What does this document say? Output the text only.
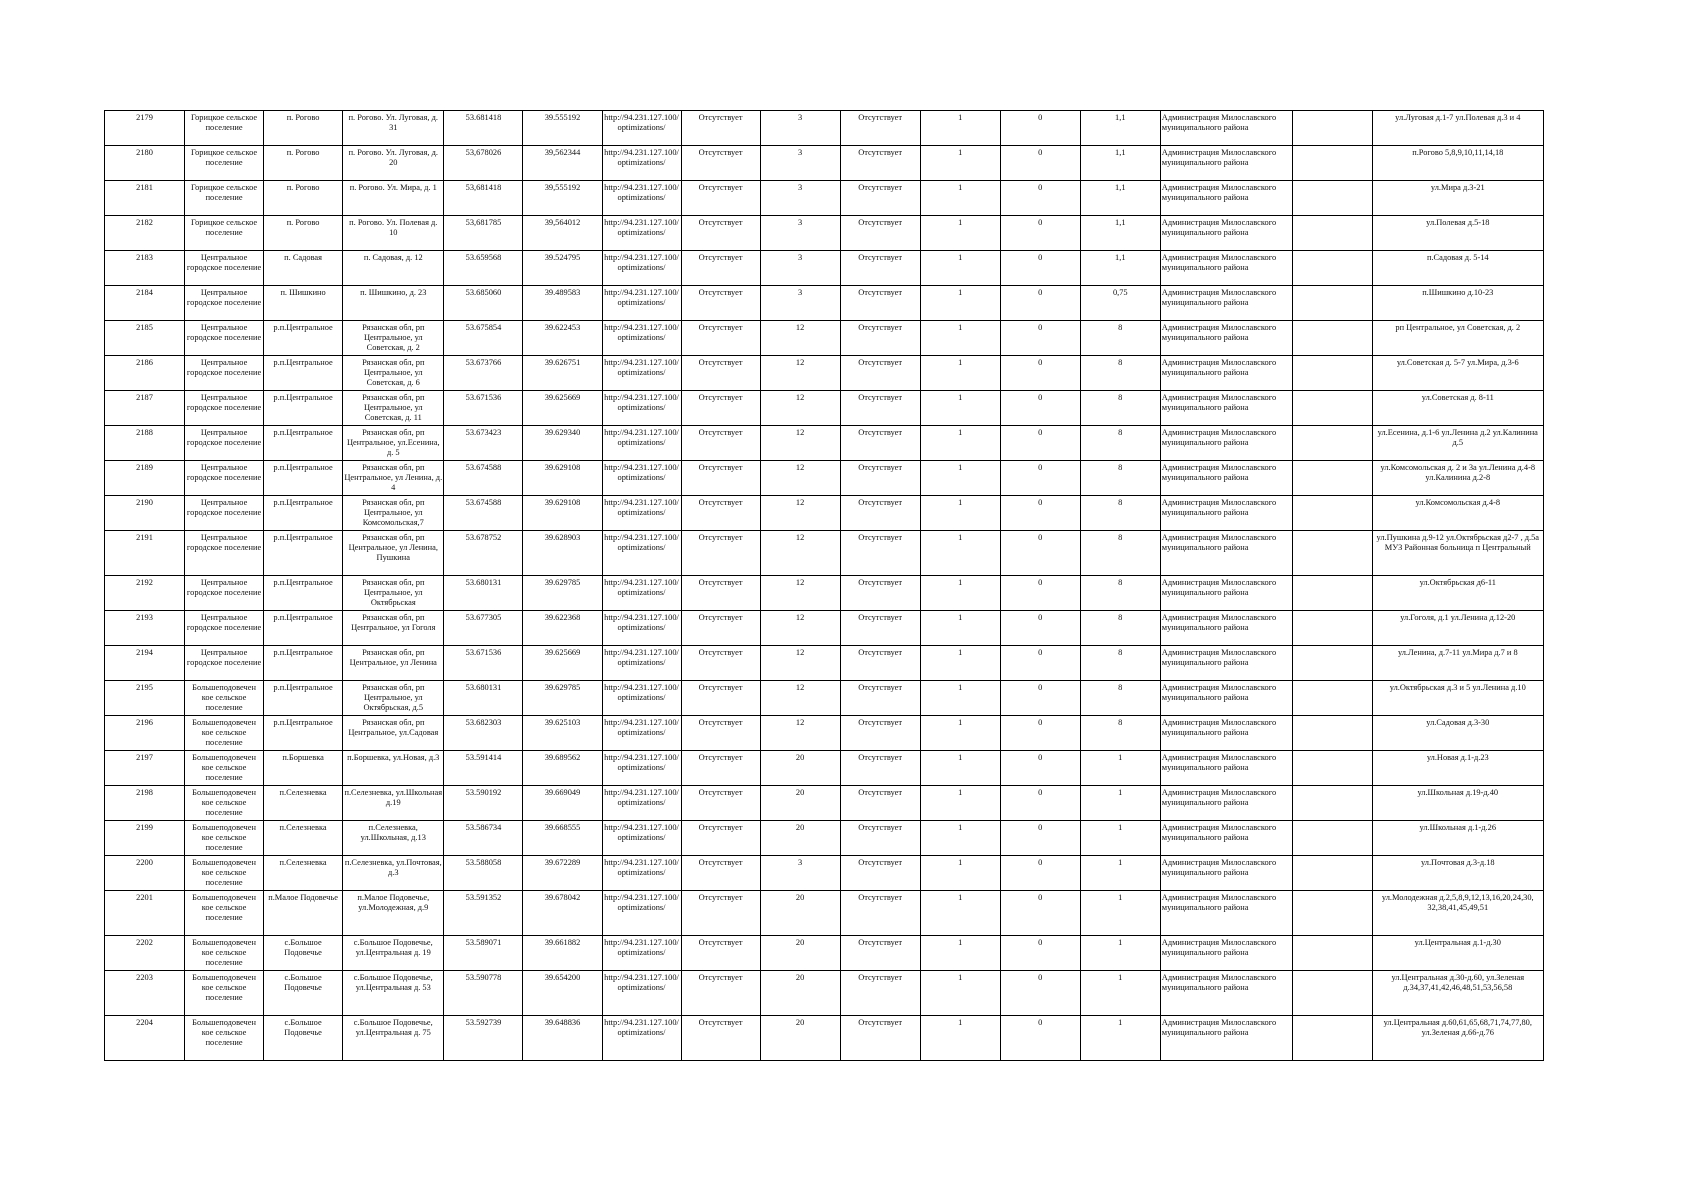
2179	Горицкое сельское поселение	п. Рогово	п. Рогово. Ул. Луговая, д. 31	53.681418	39.555192	http://94.231.127.100/optimizations/	Отсутствует	3	Отсутствует	1	0	1,1	Администрация Милославского муниципального района		ул.Луговая д.1-7 ул.Полевая д.3 и 4
2180	Горицкое сельское поселение	п. Рогово	п. Рогово. Ул. Луговая, д. 20	53,678026	39,562344	http://94.231.127.100/optimizations/	Отсутствует	3	Отсутствует	1	0	1,1	Администрация Милославского муниципального района		п.Рогово 5,8,9,10,11,14,18
2181	Горицкое сельское поселение	п. Рогово	п. Рогово. Ул. Мира, д. 1	53,681418	39,555192	http://94.231.127.100/optimizations/	Отсутствует	3	Отсутствует	1	0	1,1	Администрация Милославского муниципального района		ул.Мира д.3-21
2182	Горицкое сельское поселение	п. Рогово	п. Рогово. Ул. Полевая д. 10	53,681785	39,564012	http://94.231.127.100/optimizations/	Отсутствует	3	Отсутствует	1	0	1,1	Администрация Милославского муниципального района		ул.Полевая д.5-18
2183	Центральное городское поселение	п. Садовая	п. Садовая, д. 12	53.659568	39.524795	http://94.231.127.100/optimizations/	Отсутствует	3	Отсутствует	1	0	1,1	Администрация Милославского муниципального района		п.Садовая д. 5-14
2184	Центральное городское поселение	п. Шишкино	п. Шишкино, д. 23	53.685060	39.489583	http://94.231.127.100/optimizations/	Отсутствует	3	Отсутствует	1	0	0,75	Администрация Милославского муниципального района		п.Шишкино д.10-23
2185	Центральное городское поселение	р.п.Центральное	Рязанская обл, рп Центральное, ул Советская, д. 2	53.675854	39.622453	http://94.231.127.100/optimizations/	Отсутствует	12	Отсутствует	1	0	8	Администрация Милославского муниципального района		рп Центральное, ул Советская, д. 2
2186	Центральное городское поселение	р.п.Центральное	Рязанская обл, рп Центральное, ул Советская, д. 6	53.673766	39.626751	http://94.231.127.100/optimizations/	Отсутствует	12	Отсутствует	1	0	8	Администрация Милославского муниципального района		ул.Советская д. 5-7 ул.Мира, д.3-6
2187	Центральное городское поселение	р.п.Центральное	Рязанская обл, рп Центральное, ул Советская, д. 11	53.671536	39.625669	http://94.231.127.100/optimizations/	Отсутствует	12	Отсутствует	1	0	8	Администрация Милославского муниципального района		ул.Советская д. 8-11
2188	Центральное городское поселение	р.п.Центральное	Рязанская обл, рп Центральное, ул.Есенина, д. 5	53.673423	39.629340	http://94.231.127.100/optimizations/	Отсутствует	12	Отсутствует	1	0	8	Администрация Милославского муниципального района		ул.Есенина, д.1-6 ул.Ленина д.2 ул.Калинина д.5
2189	Центральное городское поселение	р.п.Центральное	Рязанская обл, рп Центральное, ул Ленина, д. 4	53.674588	39.629108	http://94.231.127.100/optimizations/	Отсутствует	12	Отсутствует	1	0	8	Администрация Милославского муниципального района		ул.Комсомольская д. 2 и 3а ул.Ленина д.4-8 ул.Калинина д.2-8
2190	Центральное городское поселение	р.п.Центральное	Рязанская обл, рп Центральное, ул Комсомольская,7	53.674588	39.629108	http://94.231.127.100/optimizations/	Отсутствует	12	Отсутствует	1	0	8	Администрация Милославского муниципального района		ул.Комсомольская д.4-8
2191	Центральное городское поселение	р.п.Центральное	Рязанская обл, рп Центральное, ул Ленина, Пушкина	53.678752	39.628903	http://94.231.127.100/optimizations/	Отсутствует	12	Отсутствует	1	0	8	Администрация Милославского муниципального района		ул.Пушкина д.9-12 ул.Октябрьская д2-7 , д.5а МУЗ Районная больница п Центральный
2192	Центральное городское поселение	р.п.Центральное	Рязанская обл, рп Центральное, ул Октябрьская	53.680131	39.629785	http://94.231.127.100/optimizations/	Отсутствует	12	Отсутствует	1	0	8	Администрация Милославского муниципального района		ул.Октябрьская д6-11
2193	Центральное городское поселение	р.п.Центральное	Рязанская обл, рп Центральное, ул Гоголя	53.677305	39.622368	http://94.231.127.100/optimizations/	Отсутствует	12	Отсутствует	1	0	8	Администрация Милославского муниципального района		ул.Гоголя, д.1 ул.Ленина д.12-20
2194	Центральное городское поселение	р.п.Центральное	Рязанская обл, рп Центральное, ул Ленина	53.671536	39.625669	http://94.231.127.100/optimizations/	Отсутствует	12	Отсутствует	1	0	8	Администрация Милославского муниципального района		ул.Ленина, д.7-11 ул.Мира д.7 и 8
2195	Большеподовечен кое сельское поселение	р.п.Центральное	Рязанская обл, рп Центральное, ул Октябрьская, д.5	53.680131	39.629785	http://94.231.127.100/optimizations/	Отсутствует	12	Отсутствует	1	0	8	Администрация Милославского муниципального района		ул.Октябрьская д.3 и 5 ул.Ленина д.10
2196	Большеподовечен кое сельское поселение	р.п.Центральное	Рязанская обл, рп Центральное, ул.Садовая	53.682303	39.625103	http://94.231.127.100/optimizations/	Отсутствует	12	Отсутствует	1	0	8	Администрация Милославского муниципального района		ул.Садовая д.3-30
2197	Большеподовечен кое сельское поселение	п.Боршевка	п.Боршевка, ул.Новая, д.3	53.591414	39.689562	http://94.231.127.100/optimizations/	Отсутствует	20	Отсутствует	1	0	1	Администрация Милославского муниципального района		ул.Новая д.1-д.23
2198	Большеподовечен кое сельское поселение	п.Селезневка	п.Селезневка, ул.Школьная д.19	53.590192	39.669049	http://94.231.127.100/optimizations/	Отсутствует	20	Отсутствует	1	0	1	Администрация Милославского муниципального района		ул.Школьная д.19-д.40
2199	Большеподовечен кое сельское поселение	п.Селезневка	п.Селезневка, ул.Школьная, д.13	53.586734	39.668555	http://94.231.127.100/optimizations/	Отсутствует	20	Отсутствует	1	0	1	Администрация Милославского муниципального района		ул.Школьная д.1-д.26
2200	Большеподовечен кое сельское поселение	п.Селезневка	п.Селезневка, ул.Почтовая, д.3	53.588058	39.672289	http://94.231.127.100/optimizations/	Отсутствует	3	Отсутствует	1	0	1	Администрация Милославского муниципального района		ул.Почтовая д.3-д.18
2201	Большеподовечен кое сельское поселение	п.Малое Подовечье	п.Малое Подовечье, ул.Молодежная, д.9	53.591352	39.678042	http://94.231.127.100/optimizations/	Отсутствует	20	Отсутствует	1	0	1	Администрация Милославского муниципального района		ул.Молодежная д.2,5,8,9,12,13,16,20,24,30, 32,38,41,45,49,51
2202	Большеподовечен кое сельское поселение	с.Большое Подовечье	с.Большое Подовечье, ул.Центральная д. 19	53.589071	39.661882	http://94.231.127.100/optimizations/	Отсутствует	20	Отсутствует	1	0	1	Администрация Милославского муниципального района		ул.Центральная д.1-д.30
2203	Большеподовечен кое сельское поселение	с.Большое Подовечье	с.Большое Подовечье, ул.Центральная д. 53	53.590778	39.654200	http://94.231.127.100/optimizations/	Отсутствует	20	Отсутствует	1	0	1	Администрация Милославского муниципального района		ул.Центральная д.30-д.60, ул.Зеленая д.34,37,41,42,46,48,51,53,56,58
2204	Большеподовечен кое сельское поселение	с.Большое Подовечье	с.Большое Подовечье, ул.Центральная д. 75	53.592739	39.648836	http://94.231.127.100/optimizations/	Отсутствует	20	Отсутствует	1	0	1	Администрация Милославского муниципального района		ул.Центральная д.60,61,65,68,71,74,77,80, ул.Зеленая д.66-д.76
